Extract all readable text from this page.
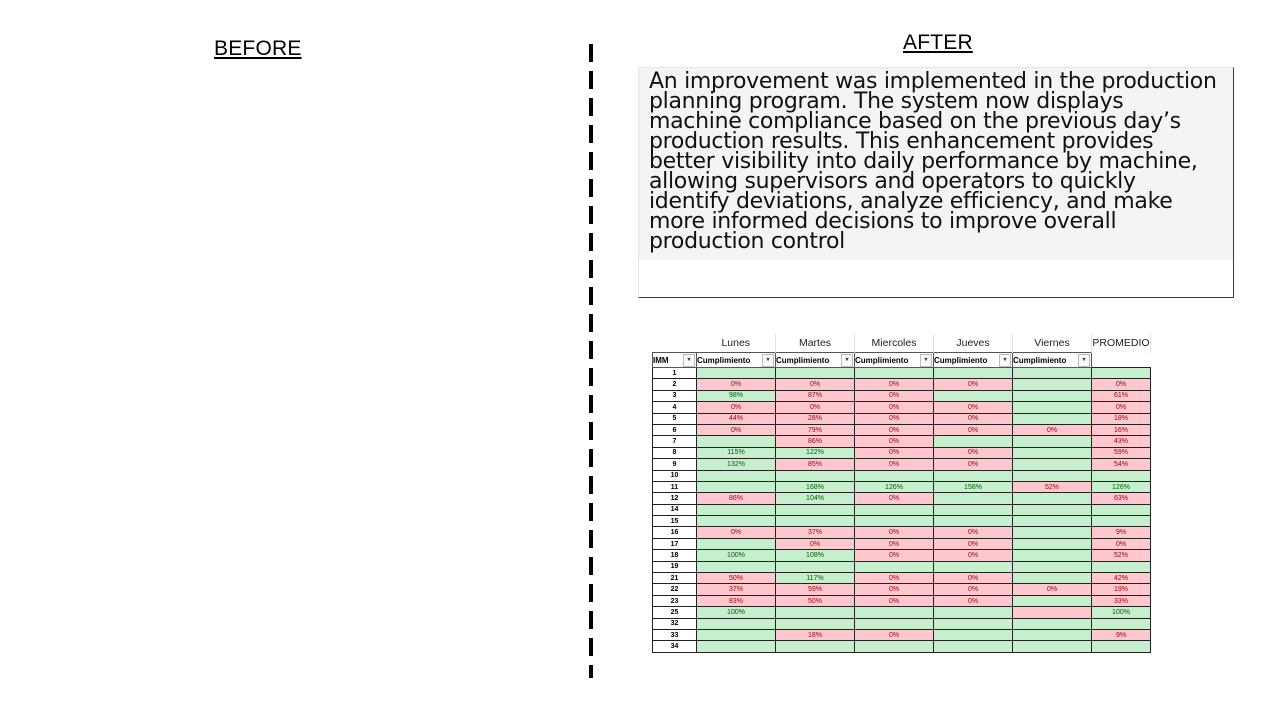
BEFORE	AFTER
An improvement was implemented in the production planning program. The system now displays machine compliance based on the previous day’s production results. This enhancement provides better visibility into daily performance by machine, allowing supervisors and operators to quickly identify deviations, analyze efficiency, and make more informed decisions to improve overall production control
	Lunes	Martes	Miercoles	Jueves	Viernes	PROMEDIO
IMM ▾	Cumplimiento ▾	Cumplimiento ▾	Cumplimiento ▾	Cumplimiento ▾	Cumplimiento ▾	

1						
2	0%	0%	0%	0%		0%
3	98%	87%	0%			61%
4	0%	0%	0%	0%		0%
5	44%	28%	0%	0%		18%
6	0%	79%	0%	0%	0%	16%
7		86%	0%			43%
8	115%	122%	0%	0%		59%
9	132%	85%	0%	0%		54%
10						
11		168%	126%	158%	52%	126%
12	86%	104%	0%			63%
14						
15						
16	0%	37%	0%	0%		9%
17		0%	0%	0%		0%
18	100%	108%	0%	0%		52%
19						
21	50%	117%	0%	0%		42%
22	37%	59%	0%	0%	0%	19%
23	83%	50%	0%	0%		33%
25	100%					100%
32						
33		18%	0%			9%
34						
